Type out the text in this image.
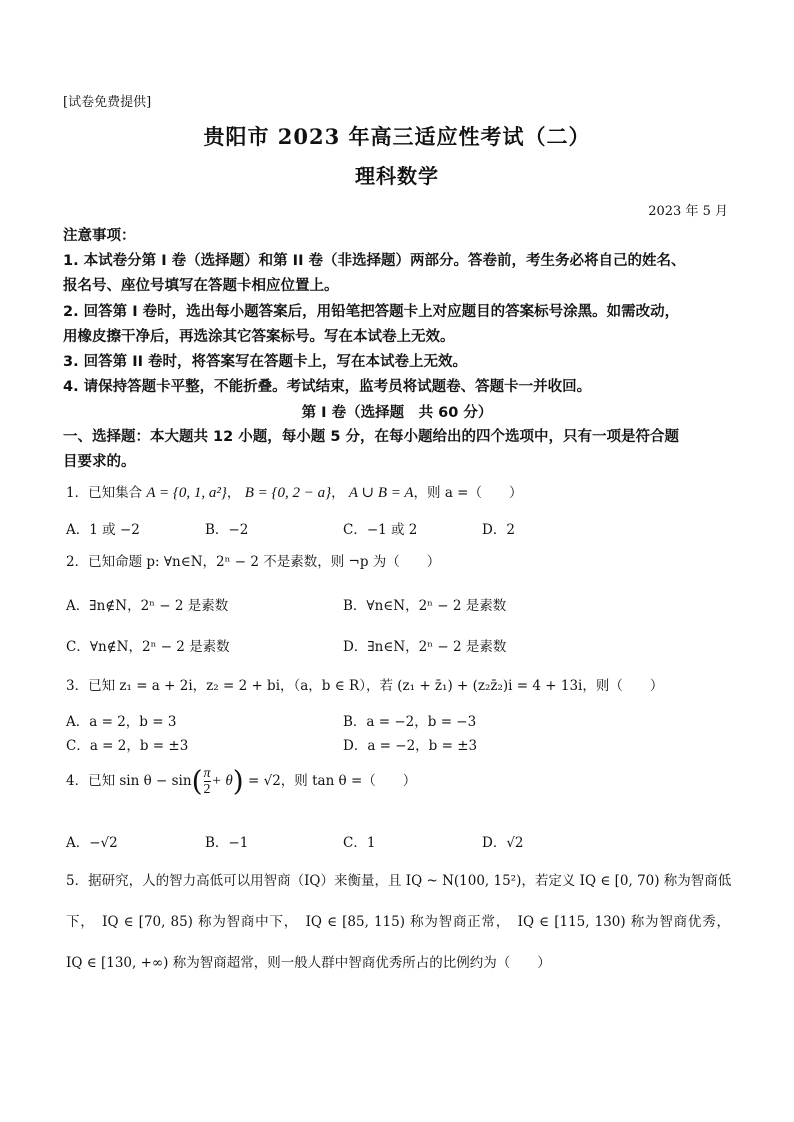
[试卷免费提供]
贵阳市 2023 年高三适应性考试（二）
理科数学
2023 年 5 月
注意事项：
1. 本试卷分第 I 卷（选择题）和第 II 卷（非选择题）两部分。答卷前，考生务必将自己的姓名、
报名号、座位号填写在答题卡相应位置上。
2. 回答第 I 卷时，选出每小题答案后，用铅笔把答题卡上对应题目的答案标号涂黑。如需改动，
用橡皮擦干净后，再选涂其它答案标号。写在本试卷上无效。
3. 回答第 II 卷时，将答案写在答题卡上，写在本试卷上无效。
4. 请保持答题卡平整，不能折叠。考试结束，监考员将试题卷、答题卡一并收回。
第 I 卷（选择题　共 60 分）
一、选择题：本大题共 12 小题，每小题 5 分，在每小题给出的四个选项中，只有一项是符合题
目要求的。
1．已知集合 A = {0, 1, a²}， B = {0, 2 − a}， A ∪ B = A，则 a =（　　）
A．1 或 −2	B．−2	C．−1 或 2	D．2
2．已知命题 p: ∀n∈N，2ⁿ − 2 不是素数，则 ¬p 为（　　）
A．∃n∉N，2ⁿ − 2 是素数	B．∀n∈N，2ⁿ − 2 是素数
C．∀n∉N，2ⁿ − 2 是素数	D．∃n∈N，2ⁿ − 2 是素数
3．已知 z₁ = a + 2i，z₂ = 2 + bi，（a，b ∈ R），若 (z₁ + z̄₁) + (z₂z̄₂)i = 4 + 13i，则（　　）
A．a = 2，b = 3	B．a = −2，b = −3
C．a = 2，b = ±3	D．a = −2，b = ±3
4．已知 $\sin \theta - \sin( \frac{\pi}{2} + \theta) = √2$，则 tan θ =（　　）
A．−√2	B．−1	C．1	D．√2
5．据研究，人的智力高低可以用智商（IQ）来衡量，且 IQ ~ N(100, 15²)，若定义 IQ ∈ [0, 70) 称为智商低
下，　IQ ∈ [70, 85) 称为智商中下，　IQ ∈ [85, 115) 称为智商正常，　IQ ∈ [115, 130) 称为智商优秀，
IQ ∈ [130, +∞) 称为智商超常，则一般人群中智商优秀所占的比例约为（　　）
